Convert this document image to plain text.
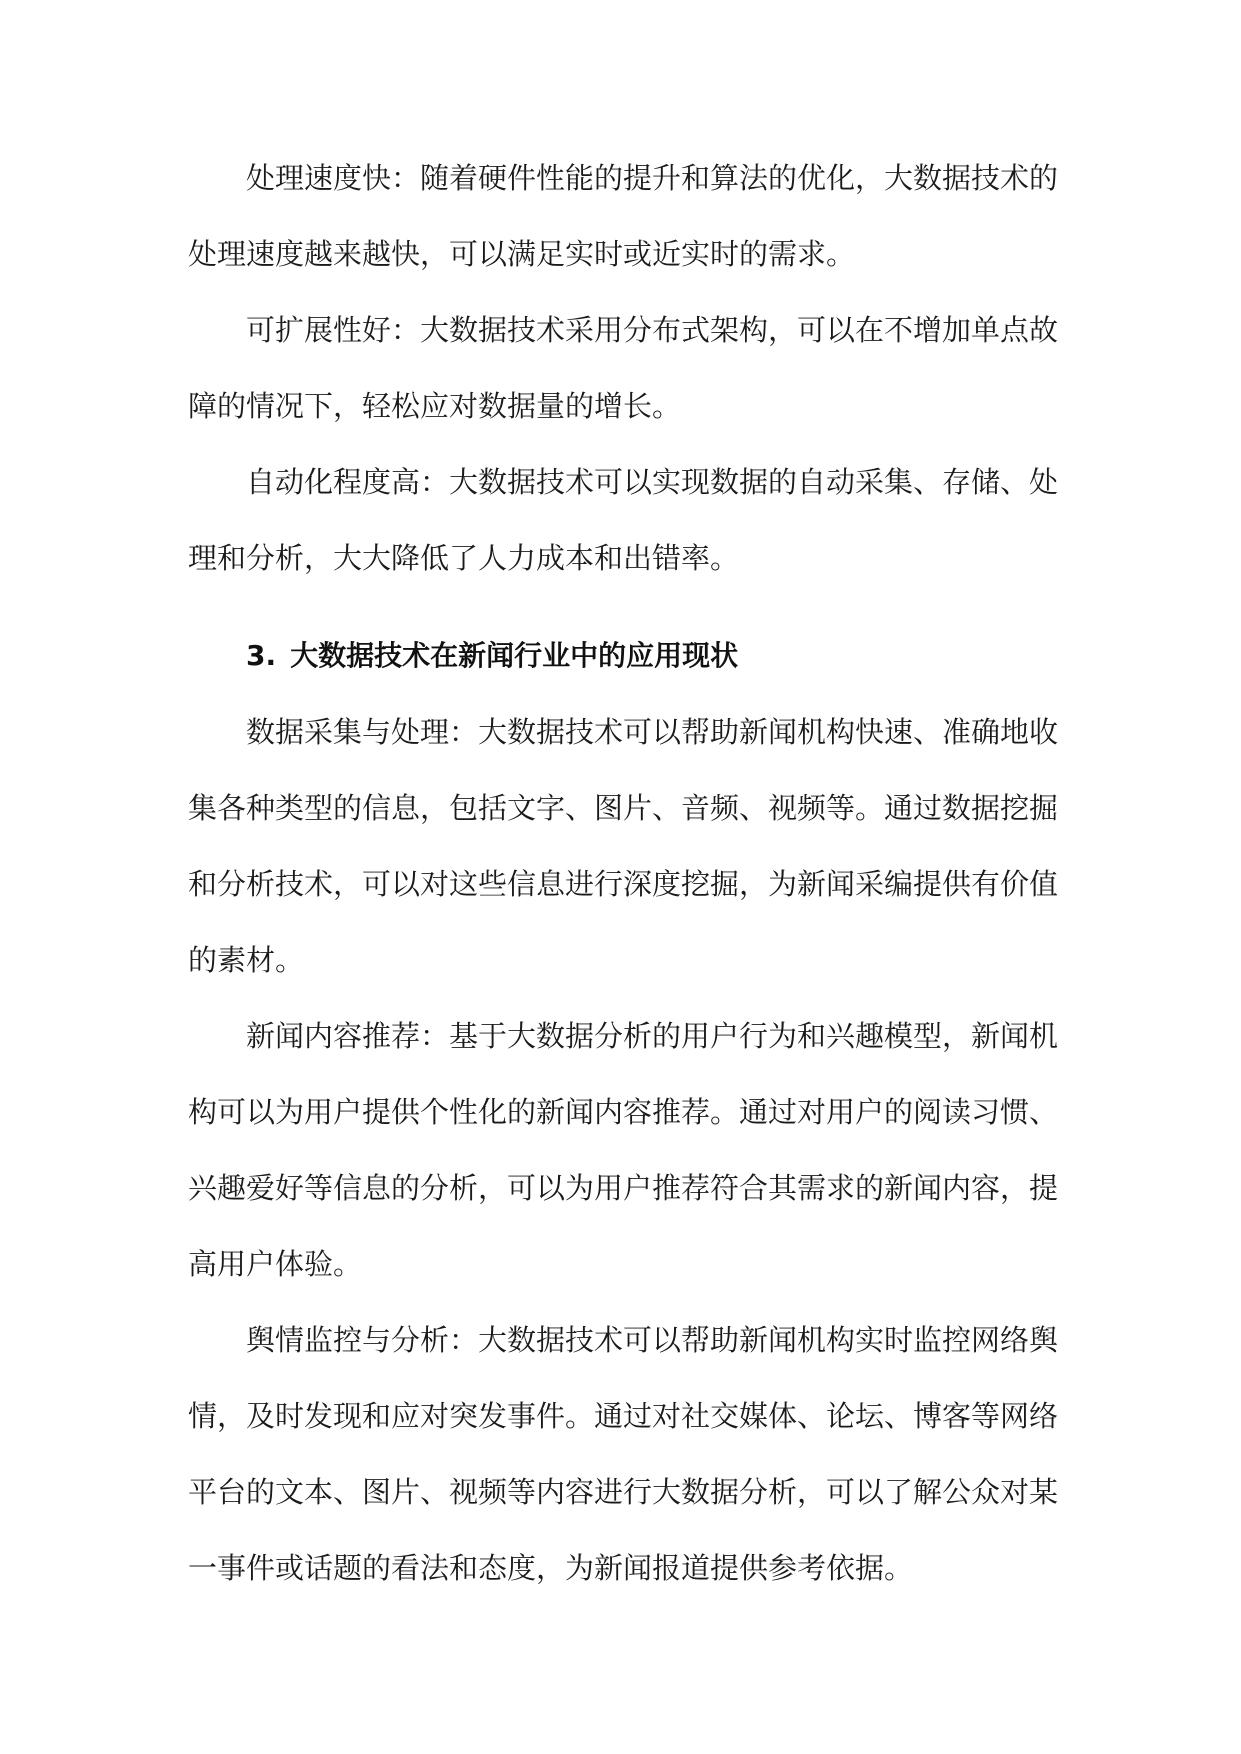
处理速度快：随着硬件性能的提升和算法的优化，大数据技术的处理速度越来越快，可以满足实时或近实时的需求。

可扩展性好：大数据技术采用分布式架构，可以在不增加单点故障的情况下，轻松应对数据量的增长。

自动化程度高：大数据技术可以实现数据的自动采集、存储、处理和分析，大大降低了人力成本和出错率。

3. 大数据技术在新闻行业中的应用现状

数据采集与处理：大数据技术可以帮助新闻机构快速、准确地收集各种类型的信息，包括文字、图片、音频、视频等。通过数据挖掘和分析技术，可以对这些信息进行深度挖掘，为新闻采编提供有价值的素材。

新闻内容推荐：基于大数据分析的用户行为和兴趣模型，新闻机构可以为用户提供个性化的新闻内容推荐。通过对用户的阅读习惯、兴趣爱好等信息的分析，可以为用户推荐符合其需求的新闻内容，提高用户体验。

舆情监控与分析：大数据技术可以帮助新闻机构实时监控网络舆情，及时发现和应对突发事件。通过对社交媒体、论坛、博客等网络平台的文本、图片、视频等内容进行大数据分析，可以了解公众对某一事件或话题的看法和态度，为新闻报道提供参考依据。
